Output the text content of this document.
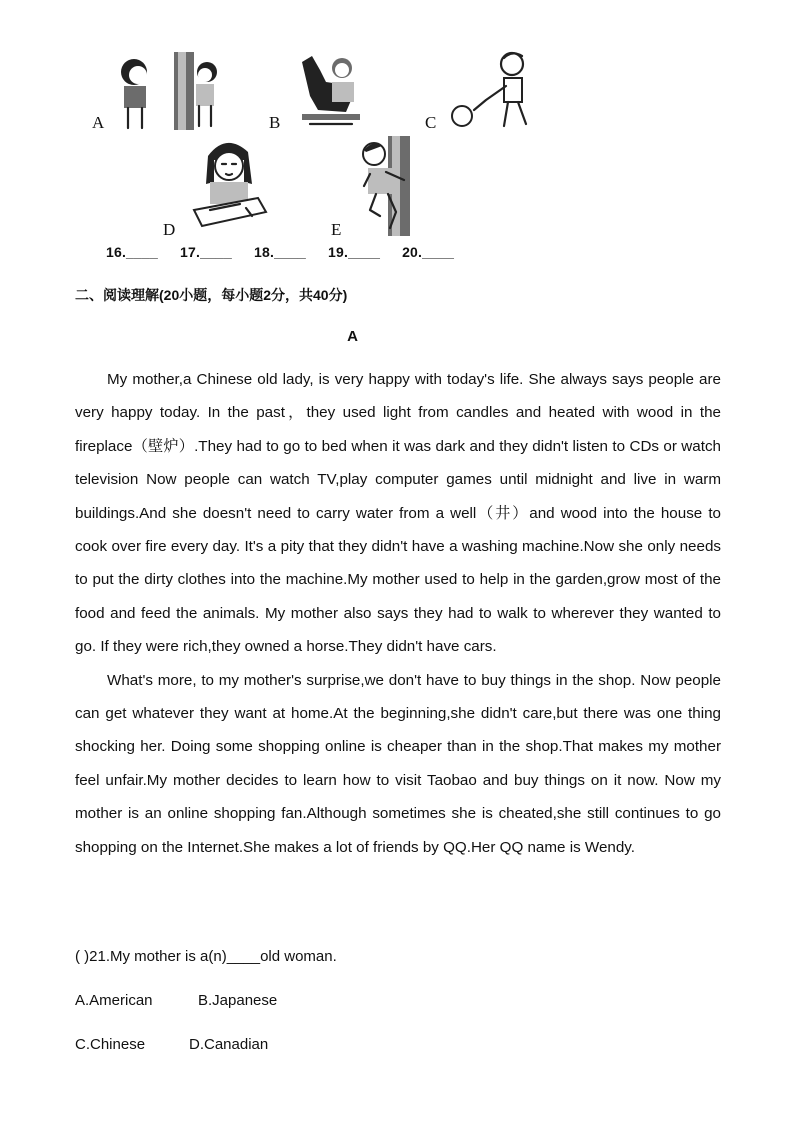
A	B	C
D	E
16.____ 17.____ 18.____ 19.____ 20.____
二、阅读理解(20小题，每小题2分，共40分)
A

My mother,a Chinese old lady, is very happy with today's life. She always says people are very happy today. In the past，they used light from candles and heated with wood in the fireplace（壁炉）.They had to go to bed when it was dark and they didn't listen to CDs or watch television Now people can watch TV,play computer games until midnight and live in warm buildings.And she doesn't need to carry water from a well（井）and wood into the house to cook over fire every day. It's a pity that they didn't have a washing machine.Now she only needs to put the dirty clothes into the machine.My mother used to help in the garden,grow most of the food and feed the animals. My mother also says they had to walk to wherever they wanted to go. If they were rich,they owned a horse.They didn't have cars.

What's more, to my mother's surprise,we don't have to buy things in the shop. Now people can get whatever they want at home.At the beginning,she didn't care,but there was one thing shocking her. Doing some shopping online is cheaper than in the shop.That makes my mother feel unfair.My mother decides to learn how to visit Taobao and buy things on it now. Now my mother is an online shopping fan.Although sometimes she is cheated,she still continues to go shopping on the Internet.She makes a lot of friends by QQ.Her QQ name is Wendy.

( )21.My mother is a(n)____old woman.
A.American	B.Japanese
C.Chinese	D.Canadian
